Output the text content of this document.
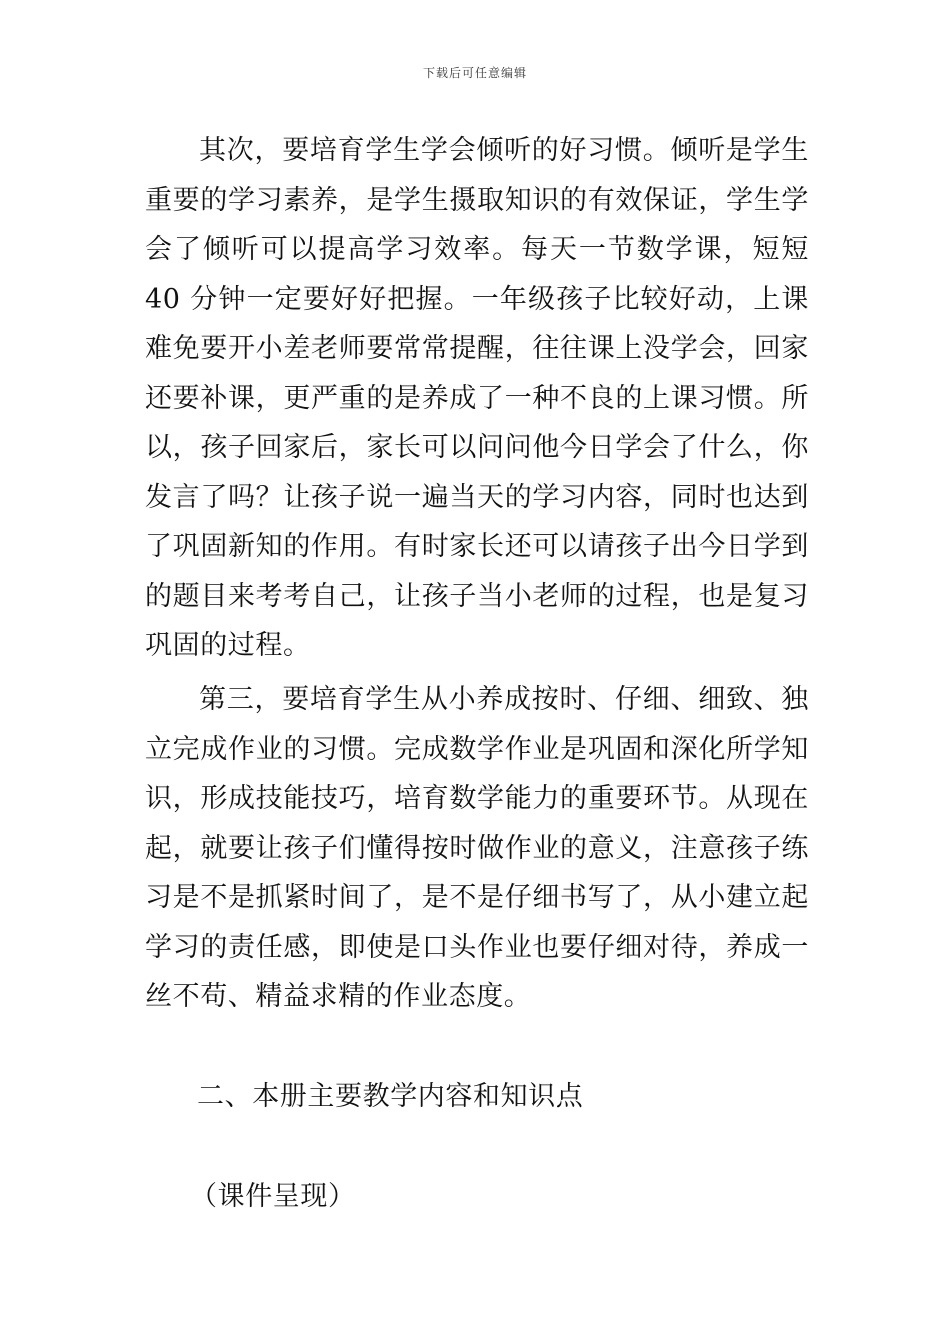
下载后可任意编辑

其次，要培育学生学会倾听的好习惯。倾听是学生重要的学习素养，是学生摄取知识的有效保证，学生学会了倾听可以提高学习效率。每天一节数学课，短短 40 分钟一定要好好把握。一年级孩子比较好动，上课难免要开小差老师要常常提醒，往往课上没学会，回家还要补课，更严重的是养成了一种不良的上课习惯。所以，孩子回家后，家长可以问问他今日学会了什么，你发言了吗？让孩子说一遍当天的学习内容，同时也达到了巩固新知的作用。有时家长还可以请孩子出今日学到的题目来考考自己，让孩子当小老师的过程，也是复习巩固的过程。

第三，要培育学生从小养成按时、仔细、细致、独立完成作业的习惯。完成数学作业是巩固和深化所学知识，形成技能技巧，培育数学能力的重要环节。从现在起，就要让孩子们懂得按时做作业的意义，注意孩子练习是不是抓紧时间了，是不是仔细书写了，从小建立起学习的责任感，即使是口头作业也要仔细对待，养成一丝不苟、精益求精的作业态度。

二、本册主要教学内容和知识点

（课件呈现）
